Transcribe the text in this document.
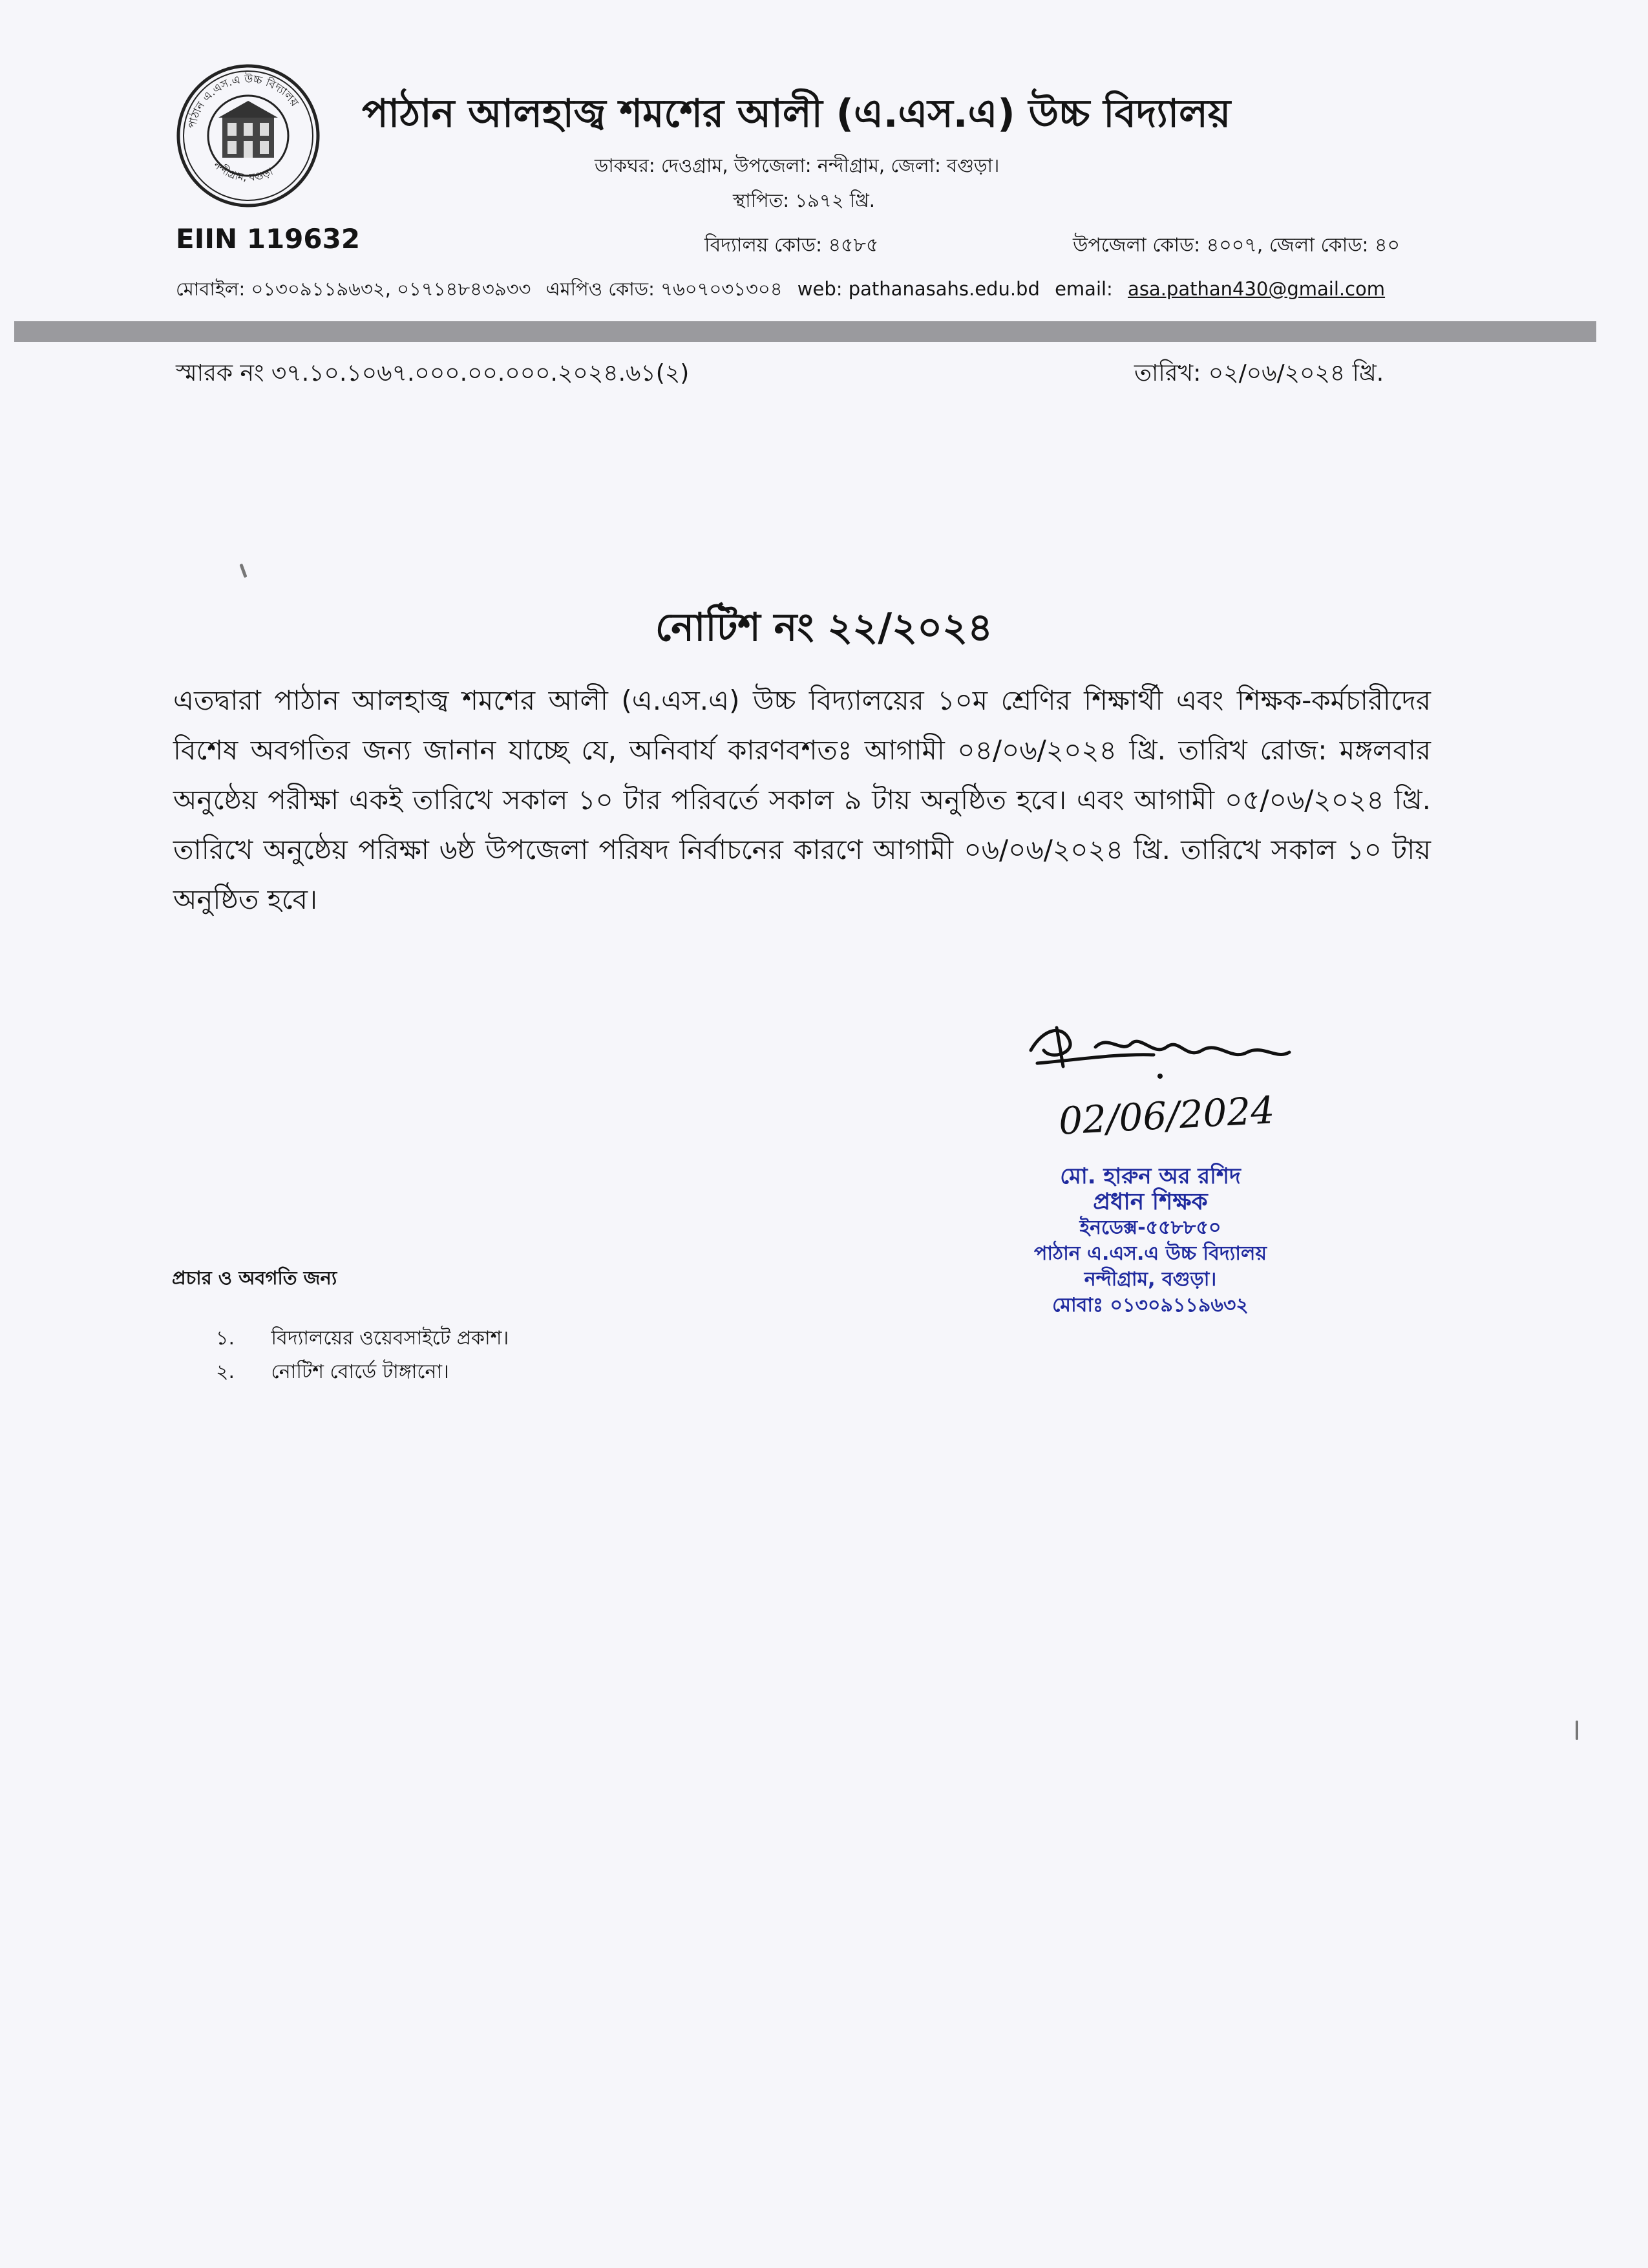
পাঠান এ.এস.এ উচ্চ বিদ্যালয়
নন্দীগ্রাম, বগুড়া
পাঠান আলহাজ্ব শমশের আলী (এ.এস.এ) উচ্চ বিদ্যালয়
ডাকঘর: দেওগ্রাম, উপজেলা: নন্দীগ্রাম, জেলা: বগুড়া।
স্থাপিত: ১৯৭২ খ্রি.
EIIN 119632	বিদ্যালয় কোড: ৪৫৮৫	উপজেলা কোড: ৪০০৭, জেলা কোড: ৪০
মোবাইল: ০১৩০৯১১৯৬৩২, ০১৭১৪৮৪৩৯৩৩ এমপিও কোড: ৭৬০৭০৩১৩০৪ web: pathanasahs.edu.bd email: asa.pathan430@gmail.com
স্মারক নং ৩৭.১০.১০৬৭.০০০.০০.০০০.২০২৪.৬১(২)	তারিখ: ০২/০৬/২০২৪ খ্রি.
নোটিশ নং ২২/২০২৪
এতদ্বারা পাঠান আলহাজ্ব শমশের আলী (এ.এস.এ) উচ্চ বিদ্যালয়ের ১০ম শ্রেণির শিক্ষার্থী এবং শিক্ষক-কর্মচারীদের বিশেষ অবগতির জন্য জানান যাচ্ছে যে, অনিবার্য কারণবশতঃ আগামী ০৪/০৬/২০২৪ খ্রি. তারিখ রোজ: মঙ্গলবার অনুষ্ঠেয় পরীক্ষা একই তারিখে সকাল ১০ টার পরিবর্তে সকাল ৯ টায় অনুষ্ঠিত হবে। এবং আগামী ০৫/০৬/২০২৪ খ্রি. তারিখে অনুষ্ঠেয় পরিক্ষা ৬ষ্ঠ উপজেলা পরিষদ নির্বাচনের কারণে আগামী ০৬/০৬/২০২৪ খ্রি. তারিখে সকাল ১০ টায় অনুষ্ঠিত হবে।
02/06/2024
মো. হারুন অর রশিদ
প্রধান শিক্ষক
ইনডেক্স-৫৫৮৮৫০
পাঠান এ.এস.এ উচ্চ বিদ্যালয়
নন্দীগ্রাম, বগুড়া।
মোবাঃ ০১৩০৯১১৯৬৩২
প্রচার ও অবগতি জন্য
১. বিদ্যালয়ের ওয়েবসাইটে প্রকাশ।
২. নোটিশ বোর্ডে টাঙ্গানো।
